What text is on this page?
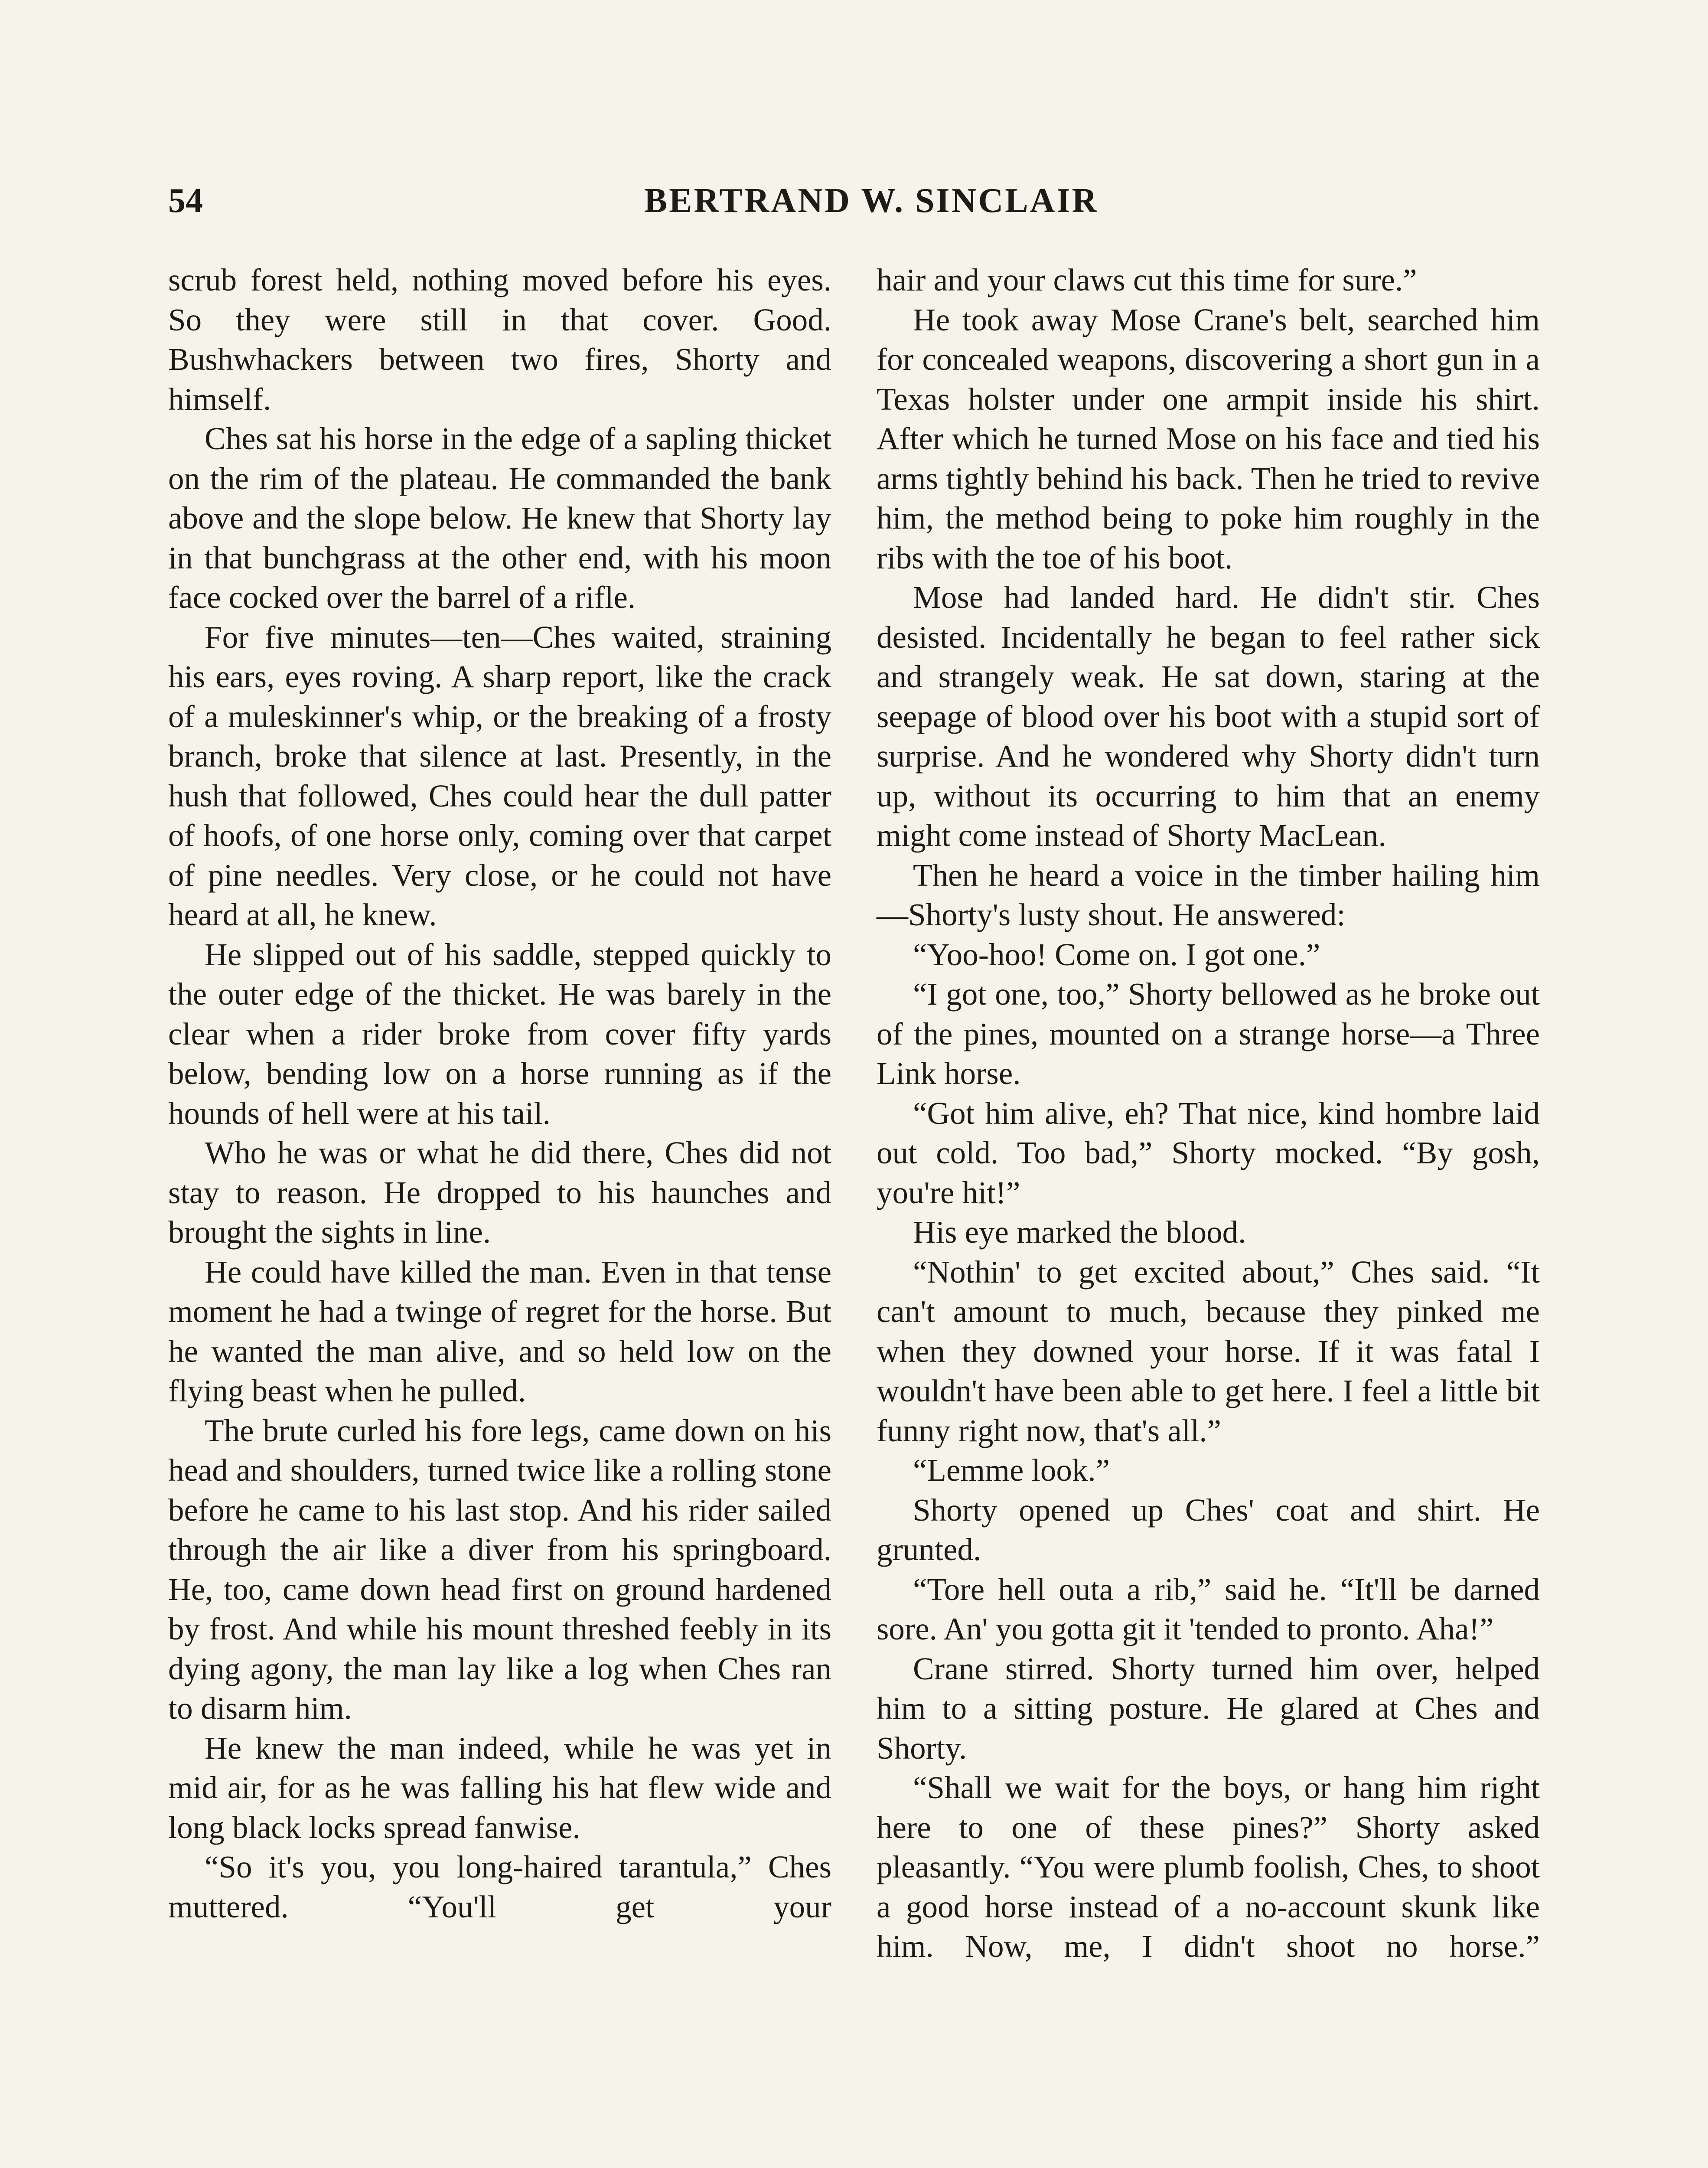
54	BERTRAND W. SINCLAIR

scrub forest held, nothing moved before his eyes. So they were still in that cover. Good. Bushwhackers between two fires, Shorty and himself.

Ches sat his horse in the edge of a sapling thicket on the rim of the plateau. He commanded the bank above and the slope below. He knew that Shorty lay in that bunchgrass at the other end, with his moon face cocked over the barrel of a rifle.

For five minutes—ten—Ches waited, straining his ears, eyes roving. A sharp report, like the crack of a muleskinner's whip, or the breaking of a frosty branch, broke that silence at last. Presently, in the hush that followed, Ches could hear the dull patter of hoofs, of one horse only, coming over that carpet of pine needles. Very close, or he could not have heard at all, he knew.

He slipped out of his saddle, stepped quickly to the outer edge of the thicket. He was barely in the clear when a rider broke from cover fifty yards below, bending low on a horse running as if the hounds of hell were at his tail.

Who he was or what he did there, Ches did not stay to reason. He dropped to his haunches and brought the sights in line.

He could have killed the man. Even in that tense moment he had a twinge of regret for the horse. But he wanted the man alive, and so held low on the flying beast when he pulled.

The brute curled his fore legs, came down on his head and shoulders, turned twice like a rolling stone before he came to his last stop. And his rider sailed through the air like a diver from his springboard. He, too, came down head first on ground hardened by frost. And while his mount threshed feebly in its dying agony, the man lay like a log when Ches ran to disarm him.

He knew the man indeed, while he was yet in mid air, for as he was falling his hat flew wide and long black locks spread fanwise.

“So it's you, you long-haired tarantula,” Ches muttered. “You'll get your

hair and your claws cut this time for sure.”

He took away Mose Crane's belt, searched him for concealed weapons, discovering a short gun in a Texas holster under one armpit inside his shirt. After which he turned Mose on his face and tied his arms tightly behind his back. Then he tried to revive him, the method being to poke him roughly in the ribs with the toe of his boot.

Mose had landed hard. He didn't stir. Ches desisted. Incidentally he began to feel rather sick and strangely weak. He sat down, staring at the seepage of blood over his boot with a stupid sort of surprise. And he wondered why Shorty didn't turn up, without its occurring to him that an enemy might come instead of Shorty MacLean.

Then he heard a voice in the timber hailing him—Shorty's lusty shout. He answered:

“Yoo-hoo! Come on. I got one.”

“I got one, too,” Shorty bellowed as he broke out of the pines, mounted on a strange horse—a Three Link horse.

“Got him alive, eh? That nice, kind hombre laid out cold. Too bad,” Shorty mocked. “By gosh, you're hit!”

His eye marked the blood.

“Nothin' to get excited about,” Ches said. “It can't amount to much, because they pinked me when they downed your horse. If it was fatal I wouldn't have been able to get here. I feel a little bit funny right now, that's all.”

“Lemme look.”

Shorty opened up Ches' coat and shirt. He grunted.

“Tore hell outa a rib,” said he. “It'll be darned sore. An' you gotta git it 'tended to pronto. Aha!”

Crane stirred. Shorty turned him over, helped him to a sitting posture. He glared at Ches and Shorty.

“Shall we wait for the boys, or hang him right here to one of these pines?” Shorty asked pleasantly. “You were plumb foolish, Ches, to shoot a good horse instead of a no-account skunk like him. Now, me, I didn't shoot no horse.”
